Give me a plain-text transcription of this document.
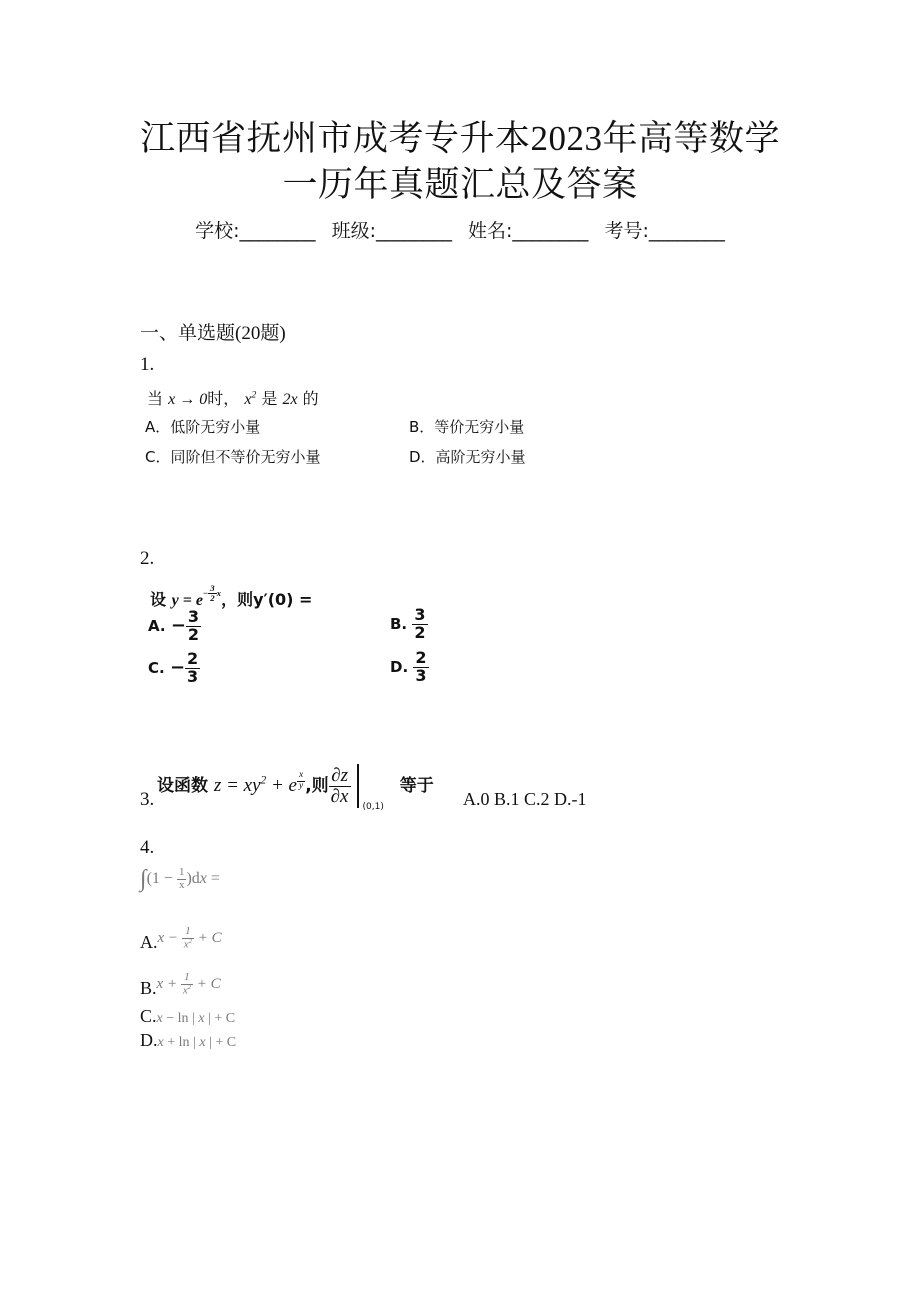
江西省抚州市成考专升本2023年高等数学
一历年真题汇总及答案
学校:________ 班级:________ 姓名:________ 考号:________
一、单选题(20题)
1.
当 x → 0时， $x^2$ 是 2x 的
A．低阶无穷小量	B．等价无穷小量
C．同阶但不等价无穷小量	D．高阶无穷小量
2.
设 $y = e^{- \frac{3}{2} x}$，则y′(0) =
A. − $\frac{3}{2}$	B. $\frac{3}{2}$
C. − $\frac{2}{3}$	D. $\frac{2}{3}$
3.
设函数 $z = xy^2 + e$ $^{\frac{x}{y}}$ ,则 $\frac{\partial z}{\partial x} _{(0,1)}$ 等于
A.0 B.1 C.2 D.-1
4.
$\int(1 - \frac{1}{x} )dx$ =
A.$^{x - \frac{1}{x^2} + C}$
B.$^{x + \frac{1}{x^2} + C}$
C.x − ln | x | + C
D.x + ln | x | + C
